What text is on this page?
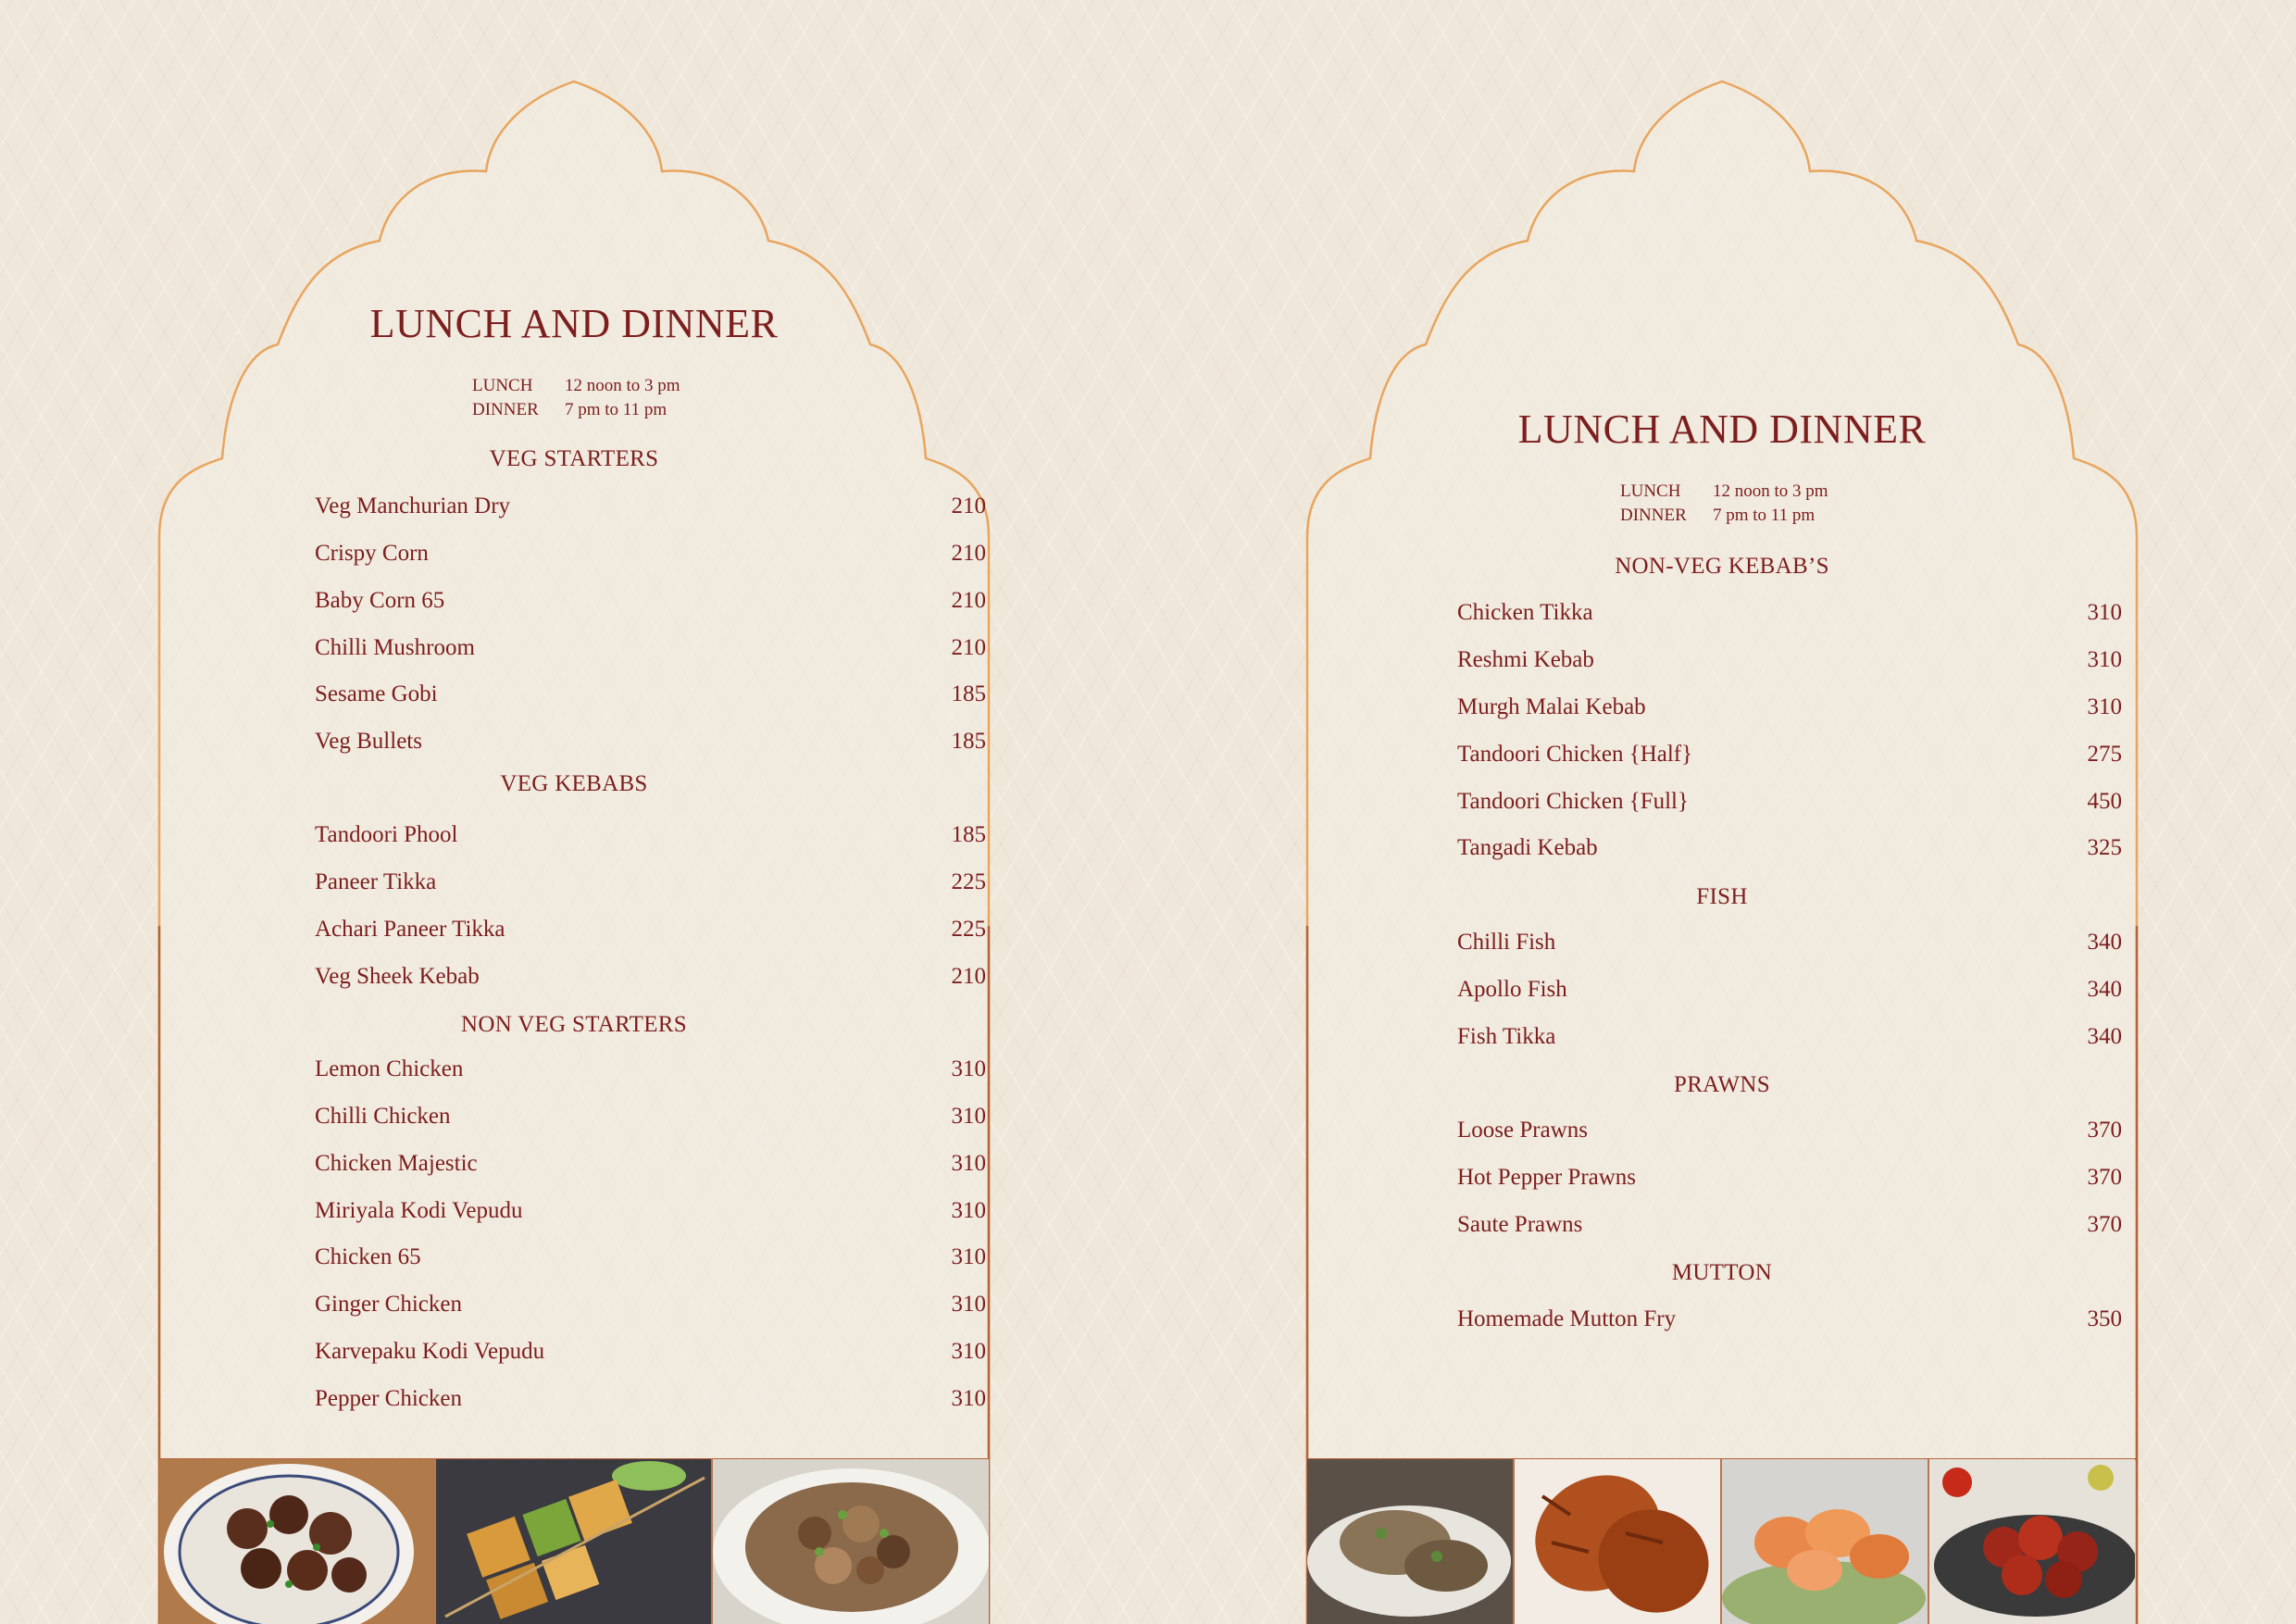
LUNCH AND DINNER
LUNCH	12 noon to 3 pm
DINNER	7 pm to 11 pm
VEG STARTERS
Veg Manchurian Dry	210
Crispy Corn	210
Baby Corn 65	210
Chilli Mushroom	210
Sesame Gobi	185
Veg Bullets	185
VEG KEBABS
Tandoori Phool	185
Paneer Tikka	225
Achari Paneer Tikka	225
Veg Sheek Kebab	210
NON VEG STARTERS
Lemon Chicken	310
Chilli Chicken	310
Chicken Majestic	310
Miriyala Kodi Vepudu	310
Chicken 65	310
Ginger Chicken	310
Karvepaku Kodi Vepudu	310
Pepper Chicken	310
LUNCH AND DINNER
LUNCH	12 noon to 3 pm
DINNER	7 pm to 11 pm
NON-VEG KEBAB’S
Chicken Tikka	310
Reshmi Kebab	310
Murgh Malai Kebab	310
Tandoori Chicken {Half}	275
Tandoori Chicken {Full}	450
Tangadi Kebab	325
FISH
Chilli Fish	340
Apollo Fish	340
Fish Tikka	340
PRAWNS
Loose Prawns	370
Hot Pepper Prawns	370
Saute Prawns	370
MUTTON
Homemade Mutton Fry	350
